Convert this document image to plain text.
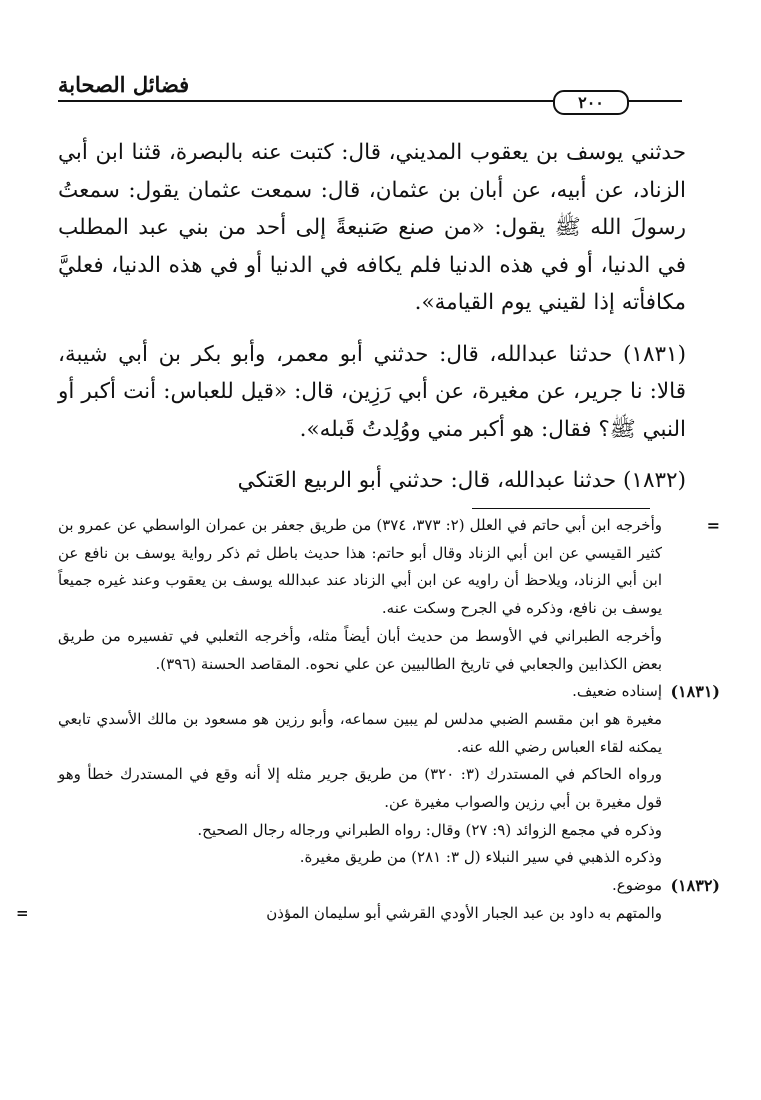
فضائل الصحابة
٢٠٠

حدثني يوسف بن يعقوب المديني، قال: كتبت عنه بالبصرة، قثنا ابن أبي الزناد، عن أبيه، عن أبان بن عثمان، قال: سمعت عثمان يقول: سمعتُ رسولَ الله ﷺ يقول: «من صنع صَنيعةً إلى أحد من بني عبد المطلب في الدنيا، أو في هذه الدنيا فلم يكافه في الدنيا أو في هذه الدنيا، فعليَّ مكافأته إذا لقيني يوم القيامة».

(١٨٣١) حدثنا عبدالله، قال: حدثني أبو معمر، وأبو بكر بن أبي شيبة، قالا: نا جرير، عن مغيرة، عن أبي رَزِين، قال: «قيل للعباس: أنت أكبر أو النبي ﷺ؟ فقال: هو أكبر مني ووُلِدتُ قَبله».

(١٨٣٢) حدثنا عبدالله، قال: حدثني أبو الربيع العَتكي

=

وأخرجه ابن أبي حاتم في العلل (٢: ٣٧٣، ٣٧٤) من طريق جعفر بن عمران الواسطي عن عمرو بن كثير القيسي عن ابن أبي الزناد وقال أبو حاتم: هذا حديث باطل ثم ذكر رواية يوسف بن نافع عن ابن أبي الزناد، ويلاحظ أن راويه عن ابن أبي الزناد عند عبدالله يوسف بن يعقوب وعند غيره جميعاً يوسف بن نافع، وذكره في الجرح وسكت عنه.

وأخرجه الطبراني في الأوسط من حديث أبان أيضاً مثله، وأخرجه الثعلبي في تفسيره من طريق بعض الكذابين والجعابي في تاريخ الطالبيين عن علي نحوه. المقاصد الحسنة (٣٩٦).

(١٨٣١)

إسناده ضعيف.

مغيرة هو ابن مقسم الضبي مدلس لم يبين سماعه، وأبو رزين هو مسعود بن مالك الأسدي تابعي يمكنه لقاء العباس رضي الله عنه.

ورواه الحاكم في المستدرك (٣: ٣٢٠) من طريق جرير مثله إلا أنه وقع في المستدرك خطأ وهو قول مغيرة بن أبي رزين والصواب مغيرة عن.

وذكره في مجمع الزوائد (٩: ٢٧) وقال: رواه الطبراني ورجاله رجال الصحيح.

وذكره الذهبي في سير النبلاء (ل ٣: ٢٨١) من طريق مغيرة.

(١٨٣٢)

موضوع.

والمتهم به داود بن عبد الجبار الأودي القرشي أبو سليمان المؤذن

=
